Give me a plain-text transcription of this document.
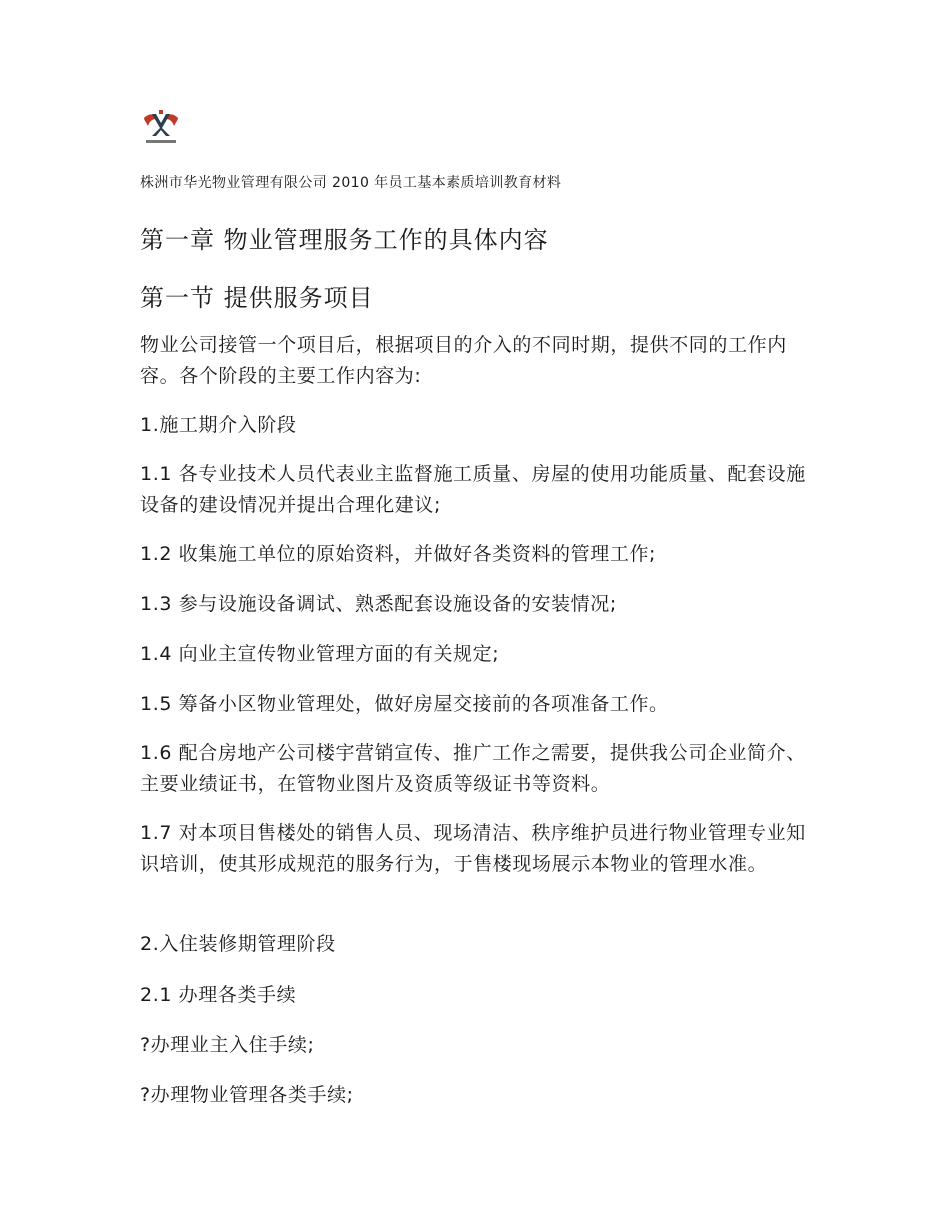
株洲市华光物业管理有限公司 2010 年员工基本素质培训教育材料
第一章 物业管理服务工作的具体内容
第一节 提供服务项目
物业公司接管一个项目后，根据项目的介入的不同时期，提供不同的工作内容。各个阶段的主要工作内容为:
1.施工期介入阶段
1.1 各专业技术人员代表业主监督施工质量、房屋的使用功能质量、配套设施设备的建设情况并提出合理化建议;
1.2 收集施工单位的原始资料，并做好各类资料的管理工作;
1.3 参与设施设备调试、熟悉配套设施设备的安装情况;
1.4 向业主宣传物业管理方面的有关规定;
1.5 筹备小区物业管理处，做好房屋交接前的各项准备工作。
1.6 配合房地产公司楼宇营销宣传、推广工作之需要，提供我公司企业简介、主要业绩证书，在管物业图片及资质等级证书等资料。
1.7 对本项目售楼处的销售人员、现场清洁、秩序维护员进行物业管理专业知识培训，使其形成规范的服务行为，于售楼现场展示本物业的管理水准。
2.入住装修期管理阶段
2.1 办理各类手续
?办理业主入住手续;
?办理物业管理各类手续;
